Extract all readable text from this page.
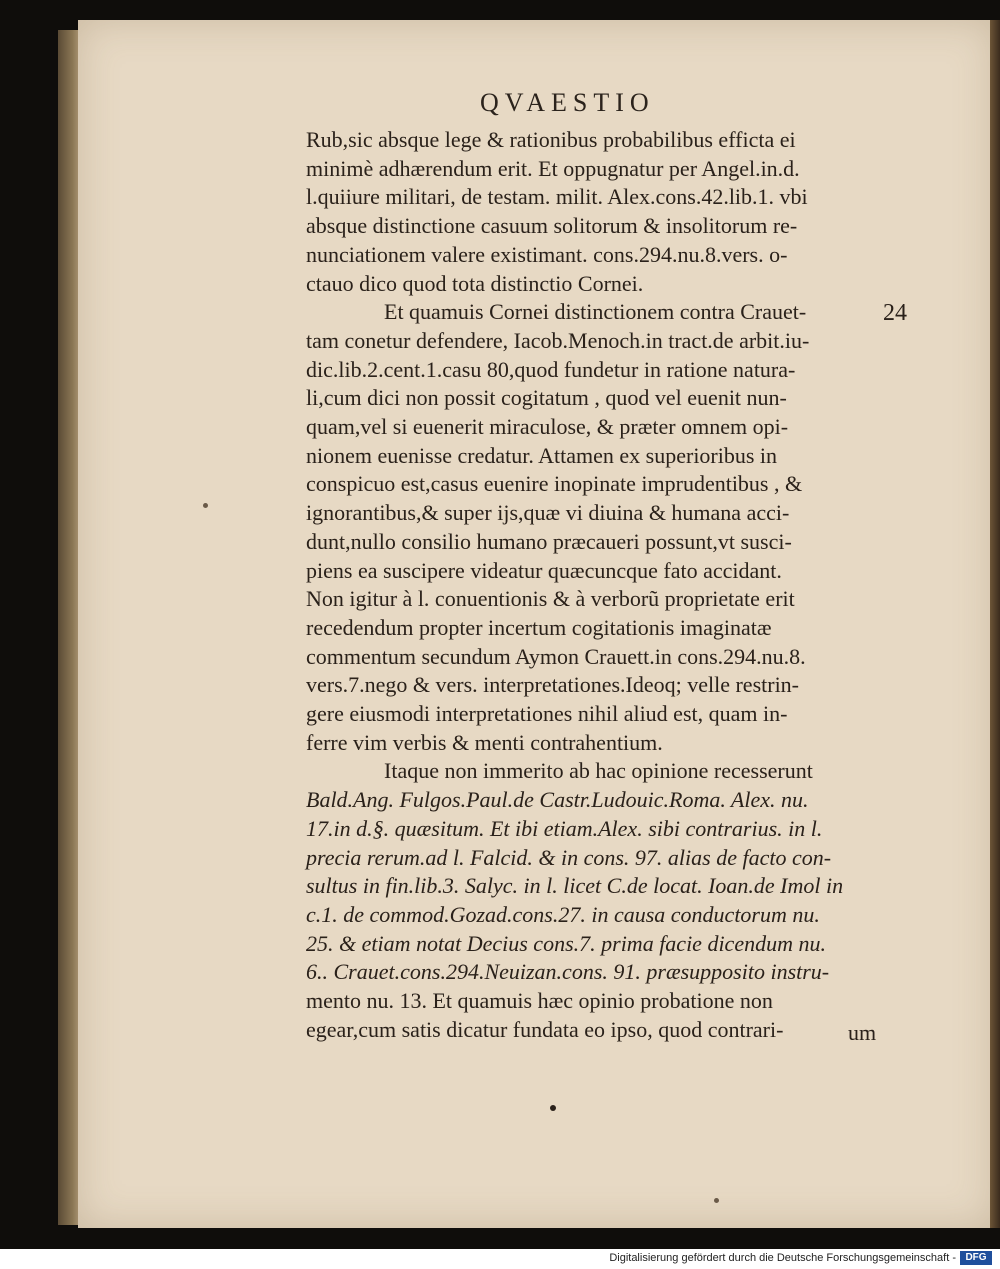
QVAESTIO
24

Rub,sic absque lege & rationibus probabilibus efficta ei
minimè adhærendum erit. Et oppugnatur per Angel.in.d.
l.quiiure militari, de testam. milit. Alex.cons.42.lib.1. vbi
absque distinctione casuum solitorum & insolitorum re-
nunciationem valere existimant. cons.294.nu.8.vers. o-
ctauo dico quod tota distinctio Cornei.

Et quamuis Cornei distinctionem contra Crauet-

tam conetur defendere, Iacob.Menoch.in tract.de arbit.iu-
dic.lib.2.cent.1.casu 80,quod fundetur in ratione natura-
li,cum dici non possit cogitatum , quod vel euenit nun-
quam,vel si euenerit miraculose, & præter omnem opi-
nionem euenisse credatur. Attamen ex superioribus in
conspicuo est,casus euenire inopinate imprudentibus , &
ignorantibus,& super ijs,quæ vi diuina & humana acci-
dunt,nullo consilio humano præcaueri possunt,vt susci-
piens ea suscipere videatur quæcuncque fato accidant.
Non igitur à l. conuentionis & à verborũ proprietate erit
recedendum propter incertum cogitationis imaginatæ
commentum secundum Aymon Crauett.in cons.294.nu.8.
vers.7.nego & vers. interpretationes.Ideoq; velle restrin-
gere eiusmodi interpretationes nihil aliud est, quam in-
ferre vim verbis & menti contrahentium.

Itaque non immerito ab hac opinione recesserunt

Bald.Ang. Fulgos.Paul.de Castr.Ludouic.Roma. Alex. nu.
17.in d.§. quæsitum. Et ibi etiam.Alex. sibi contrarius. in l.
precia rerum.ad l. Falcid. & in cons. 97. alias de facto con-
sultus in fin.lib.3. Salyc. in l. licet C.de locat. Ioan.de Imol in
c.1. de commod.Gozad.cons.27. in causa conductorum nu.
25. & etiam notat Decius cons.7. prima facie dicendum nu.
6.. Crauet.cons.294.Neuizan.cons. 91. præsupposito instru-
mento nu. 13. Et quamuis hæc opinio probatione non
egear,cum satis dicatur fundata eo ipso, quod contrari-	um
Digitalisierung gefördert durch die Deutsche Forschungsgemeinschaft - DFG
